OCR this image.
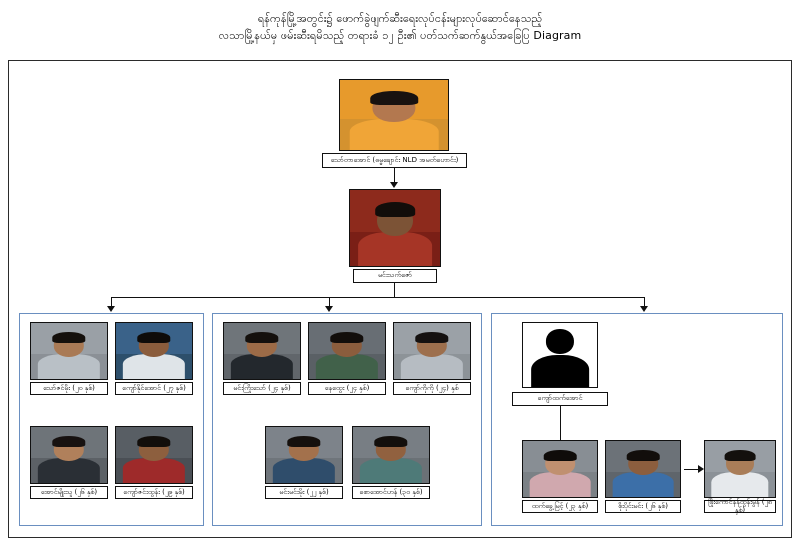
ရန်ကုန်မြို့အတွင်း၌ ဖောက်ခွဲဖျက်ဆီးရေးလုပ်ငန်းများလုပ်ဆောင်နေသည့်
လသာမြို့နယ်မှ ဖမ်းဆီးရမိသည့် တရားခံ ၁၂ ဦး၏ ပတ်သက်ဆက်နွယ်အခြေပြ Diagram
သော်တာအောင် (ဓမ္မချောင်း NLD အမတ်ဟောင်း)
မင်းသက်ဇော်
သော်ဇင်မိုး (၂၀ နှစ်)	ကျော်နိုင်အောင် (၂၇ နှစ်)
အောင်မျိုးသူ (၂၆ နှစ်)	ကျော်ဇင်းထွန်း (၂၉ နှစ်)
မင်းကြိုးသော် (၂၄ နှစ်)	နေထွေး (၂၄ နှစ်)	ကျော်ကိုကို (၂၄) နှစ်
မင်းမင်းမိုး (၂၂ နှစ်)	စောအောင်ဟန် (၃၀ နှစ်)
ကျော်ထက်အောင်
ထက်ခွေ့မြင့် (၂၃ နှစ်)	စိုးပိုင်းမင်း (၂၆ နှစ်)	ဖြိုးကောင်နန်ထွန်းမွန် (၂၈ နှစ်)
